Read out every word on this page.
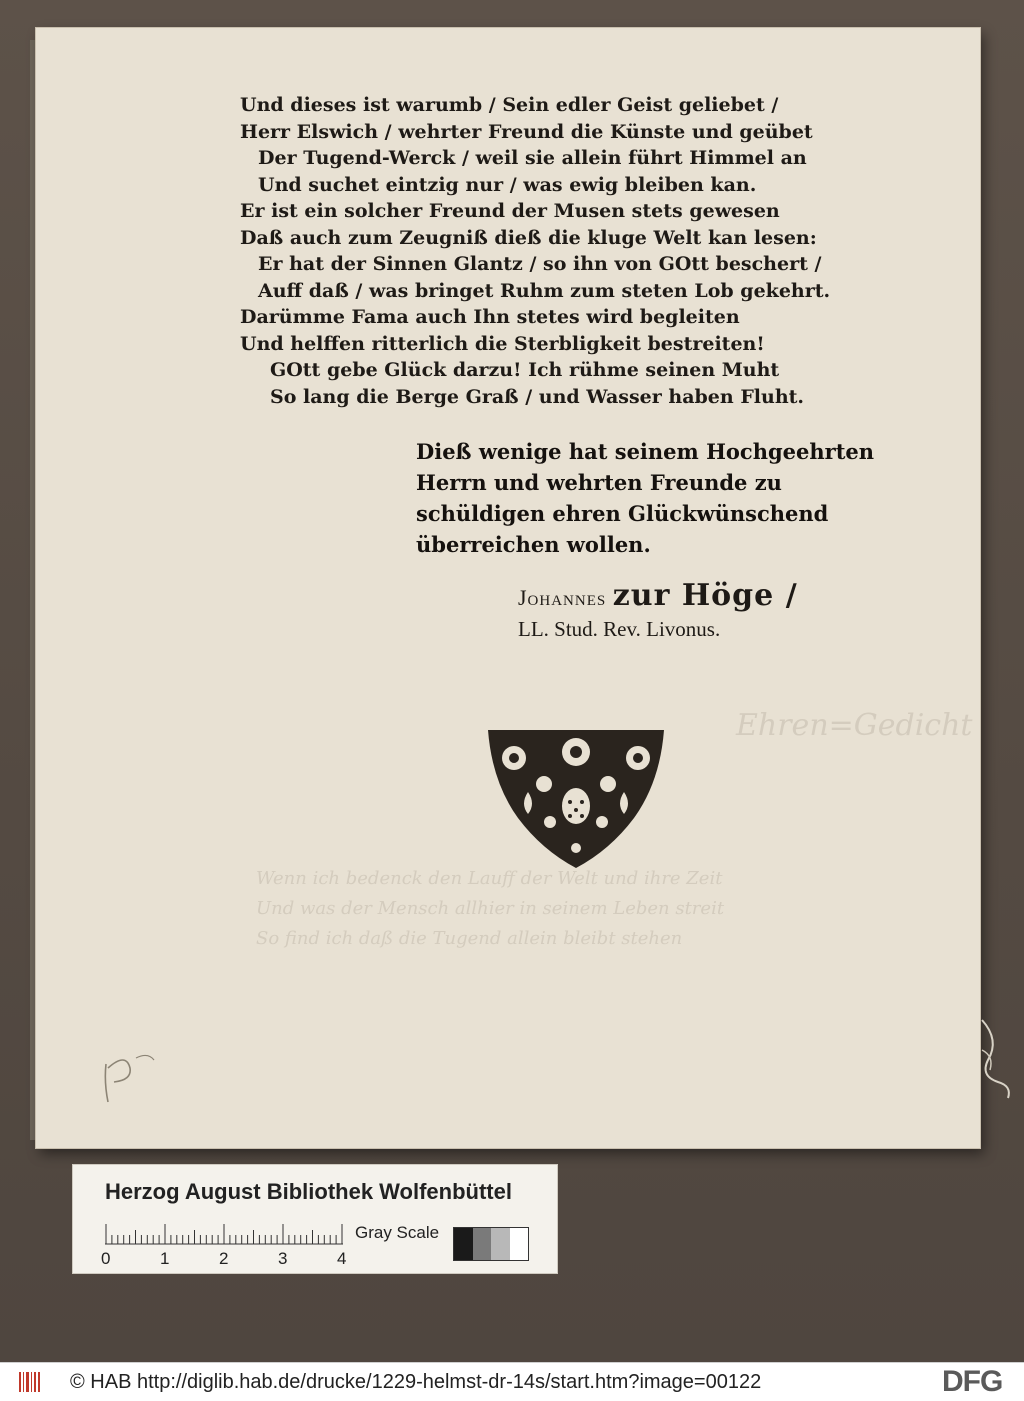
Ehren=Gedicht
Wenn ich bedenck den Lauff der Welt und ihre Zeit
Und was der Mensch allhier in seinem Leben streit
So find ich daß die Tugend allein bleibt stehen
Und dieses ist warumb / Sein edler Geist geliebet /
Herr Elswich / wehrter Freund die Künste und geübet
Der Tugend-Werck / weil sie allein führt Himmel an
Und suchet eintzig nur / was ewig bleiben kan.
Er ist ein solcher Freund der Musen stets gewesen
Daß auch zum Zeugniß dieß die kluge Welt kan lesen:
Er hat der Sinnen Glantz / so ihn von GOtt beschert /
Auff daß / was bringet Ruhm zum steten Lob gekehrt.
Darümme Fama auch Ihn stetes wird begleiten
Und helffen ritterlich die Sterbligkeit bestreiten!
GOtt gebe Glück darzu! Ich rühme seinen Muht
So lang die Berge Graß / und Wasser haben Fluht.
Dieß wenige hat seinem Hochgeehrten
Herrn und wehrten Freunde zu
schüldigen ehren Glückwünschend
überreichen wollen.
Johannes zur Höge /
LL. Stud. Rev. Livonus.
Herzog August Bibliothek Wolfenbüttel
0	1	2	3	4
Gray Scale
© HAB http://diglib.hab.de/drucke/1229-helmst-dr-14s/start.htm?image=00122	DFG
